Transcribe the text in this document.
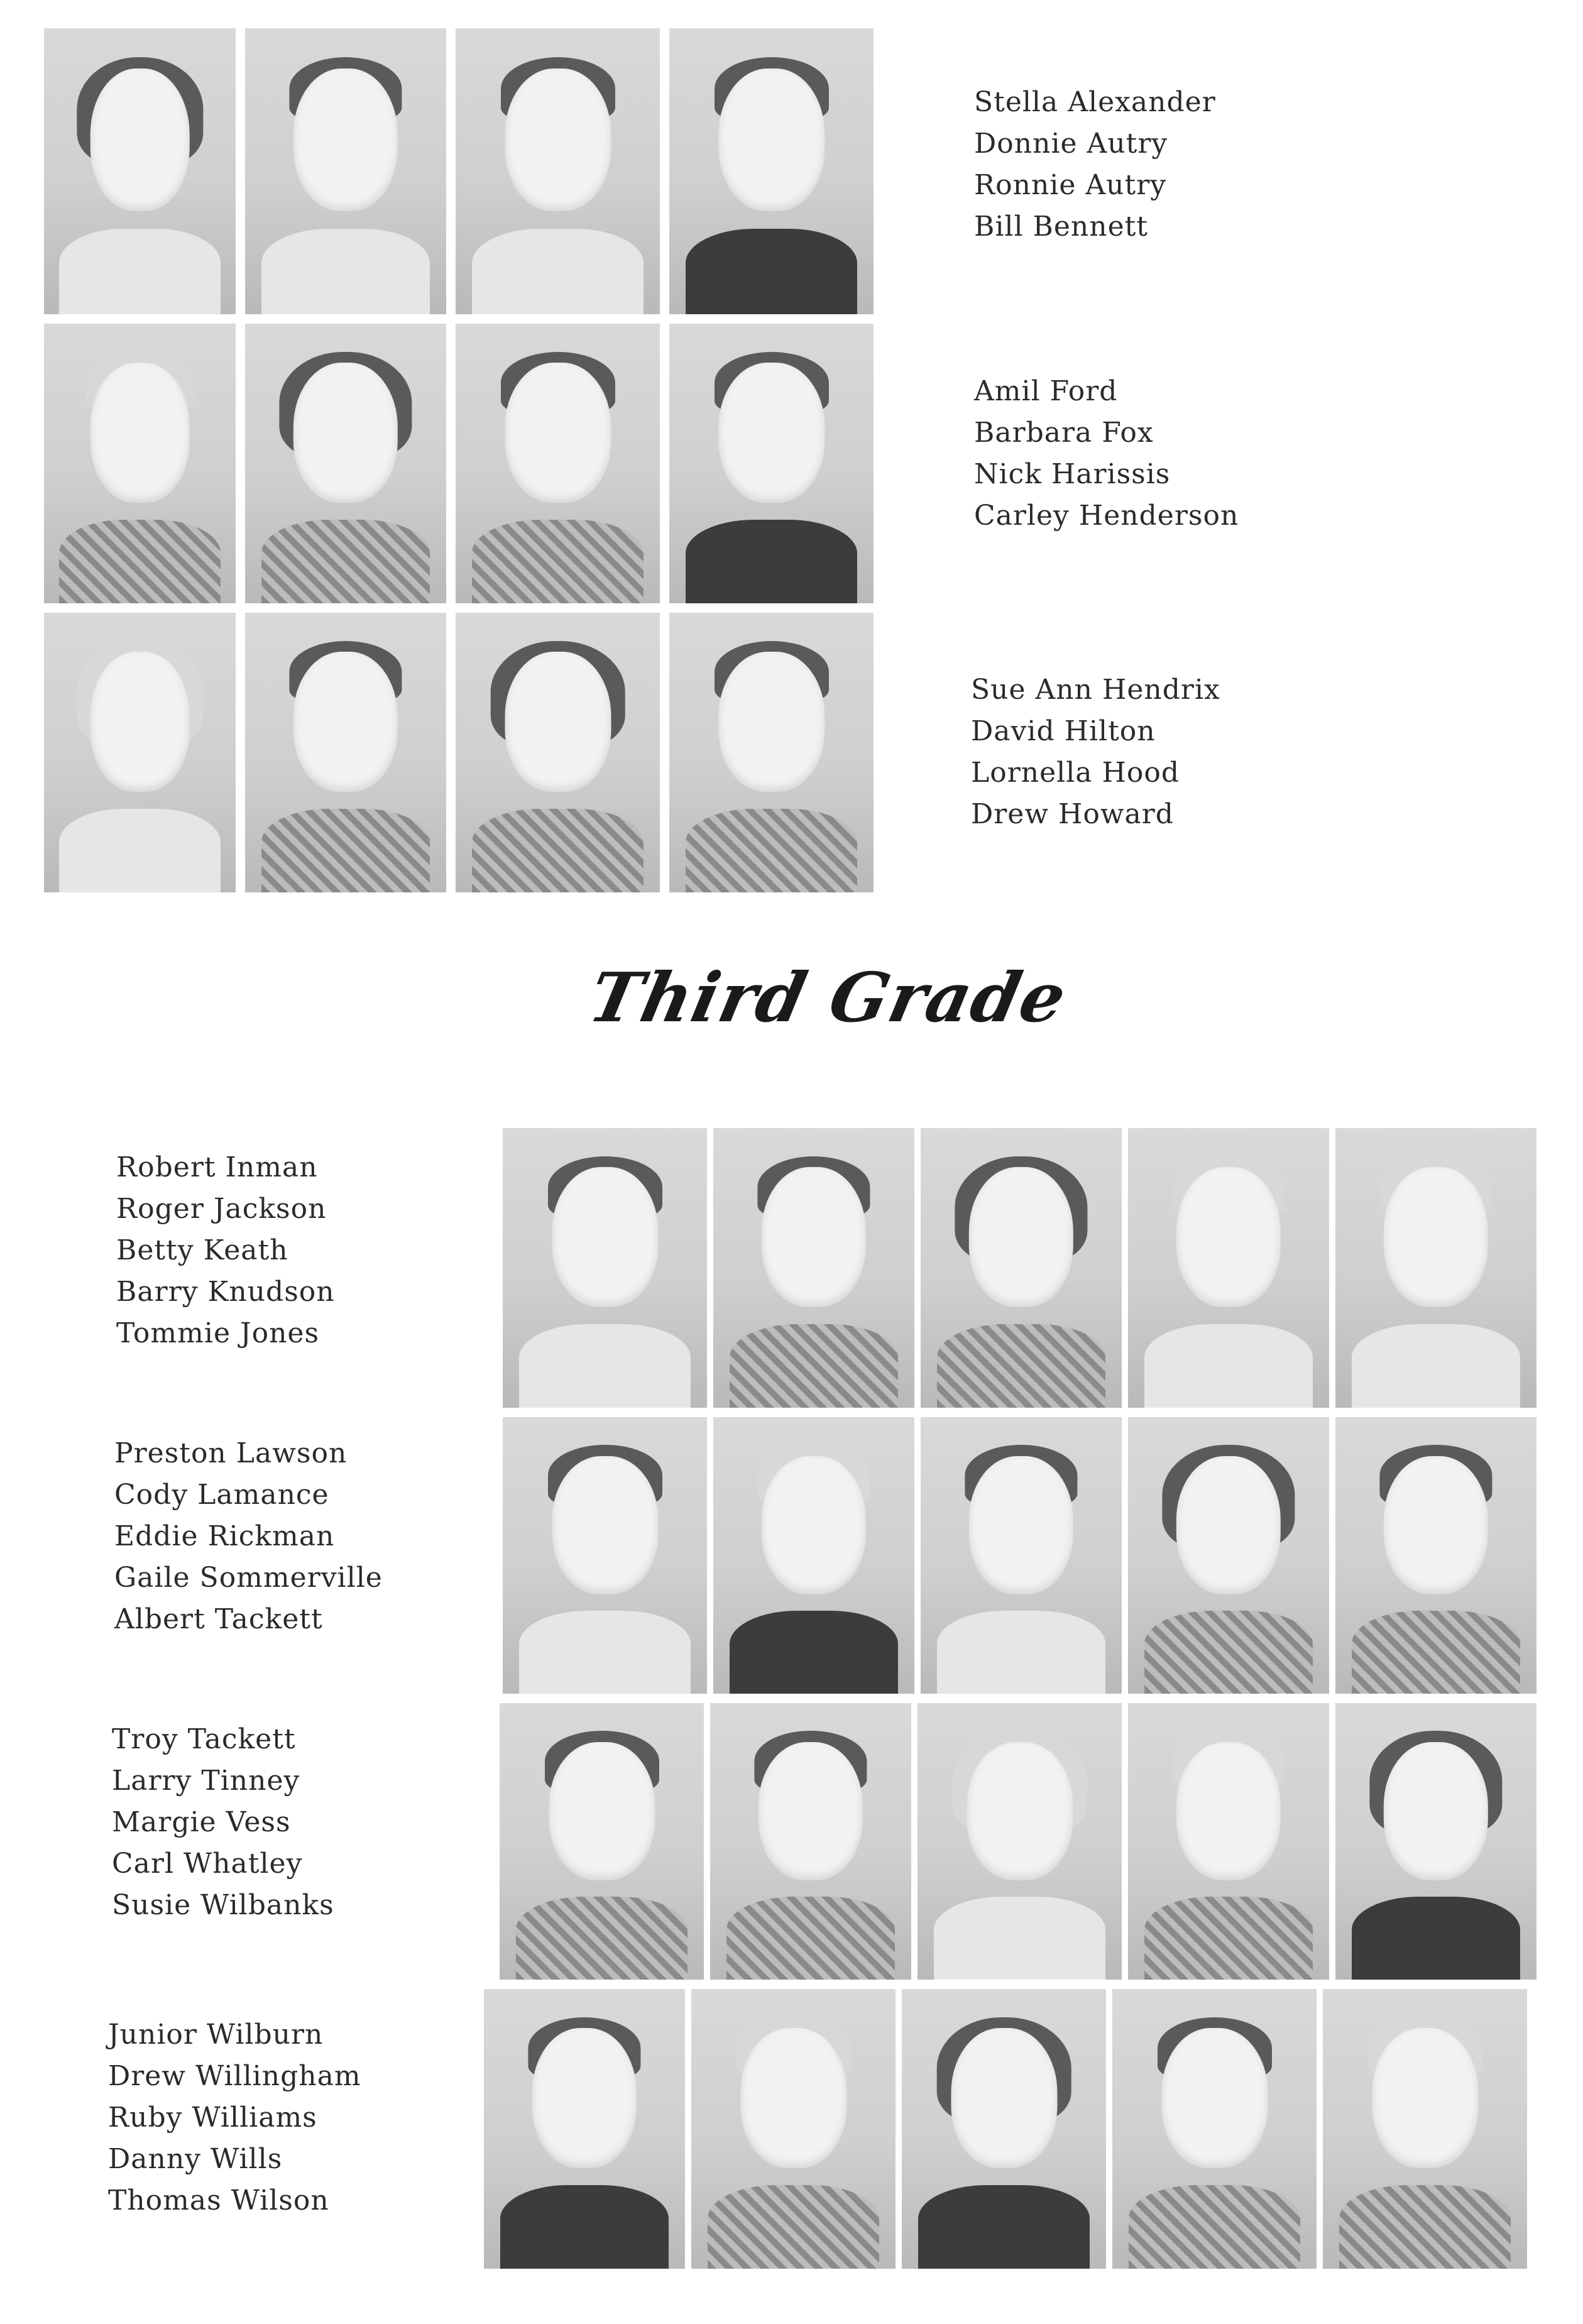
Stella Alexander
Donnie Autry
Ronnie Autry
Bill Bennett
Amil Ford
Barbara Fox
Nick Harissis
Carley Henderson
Sue Ann Hendrix
David Hilton
Lornella Hood
Drew Howard
Third Grade
Robert Inman
Roger Jackson
Betty Keath
Barry Knudson
Tommie Jones
Preston Lawson
Cody Lamance
Eddie Rickman
Gaile Sommerville
Albert Tackett
Troy Tackett
Larry Tinney
Margie Vess
Carl Whatley
Susie Wilbanks
Junior Wilburn
Drew Willingham
Ruby Williams
Danny Wills
Thomas Wilson
